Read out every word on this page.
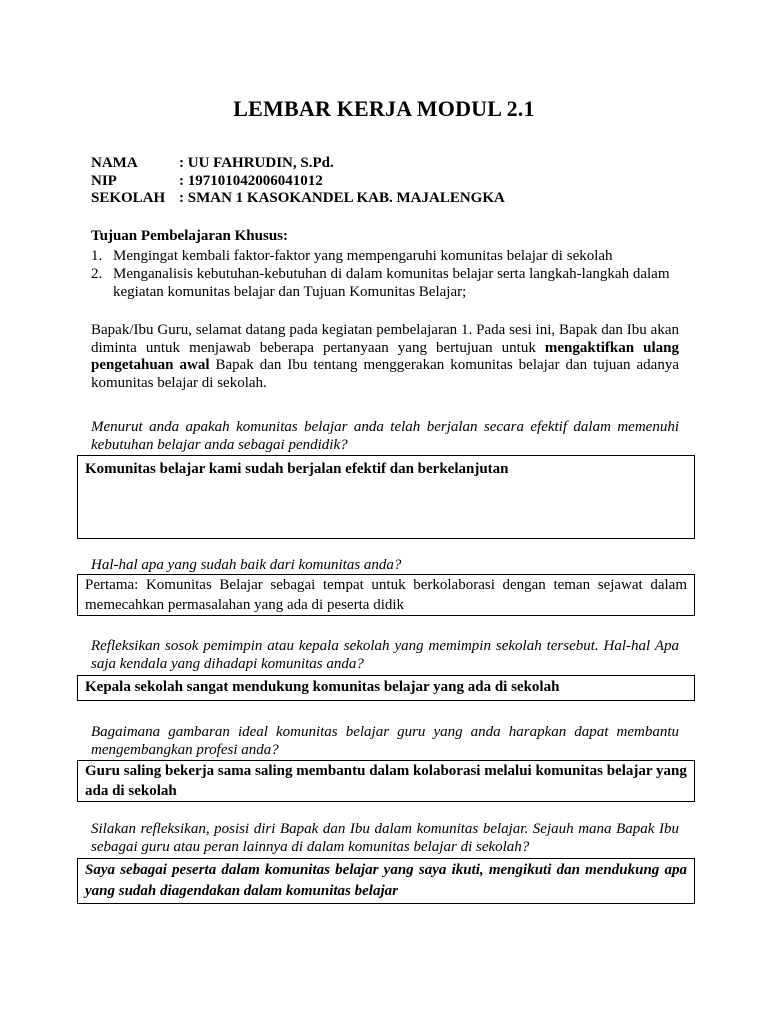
LEMBAR KERJA MODUL 2.1
NAMA	: UU FAHRUDIN, S.Pd.
NIP	: 197101042006041012
SEKOLAH : SMAN 1 KASOKANDEL KAB. MAJALENGKA
Tujuan Pembelajaran Khusus:
1. Mengingat kembali faktor-faktor yang mempengaruhi komunitas belajar di sekolah
2. Menganalisis kebutuhan-kebutuhan di dalam komunitas belajar serta langkah-langkah dalam kegiatan komunitas belajar dan Tujuan Komunitas Belajar;
Bapak/Ibu Guru, selamat datang pada kegiatan pembelajaran 1. Pada sesi ini, Bapak dan Ibu akan diminta untuk menjawab beberapa pertanyaan yang bertujuan untuk mengaktifkan ulang pengetahuan awal Bapak dan Ibu tentang menggerakan komunitas belajar dan tujuan adanya komunitas belajar di sekolah.
Menurut anda apakah komunitas belajar anda telah berjalan secara efektif dalam memenuhi kebutuhan belajar anda sebagai pendidik?
Komunitas belajar kami sudah berjalan efektif dan berkelanjutan
Hal-hal apa yang sudah baik dari komunitas anda?
Pertama: Komunitas Belajar sebagai tempat untuk berkolaborasi dengan teman sejawat dalam memecahkan permasalahan yang ada di peserta didik
Refleksikan sosok pemimpin atau kepala sekolah yang memimpin sekolah tersebut. Hal-hal Apa saja kendala yang dihadapi komunitas anda?
Kepala sekolah sangat mendukung komunitas belajar yang ada di sekolah
Bagaimana gambaran ideal komunitas belajar guru yang anda harapkan dapat membantu mengembangkan profesi anda?
Guru saling bekerja sama saling membantu dalam kolaborasi melalui komunitas belajar yang ada di sekolah
Silakan refleksikan, posisi diri Bapak dan Ibu dalam komunitas belajar. Sejauh mana Bapak Ibu sebagai guru atau peran lainnya di dalam komunitas belajar di sekolah?
Saya sebagai peserta dalam komunitas belajar yang saya ikuti, mengikuti dan mendukung apa yang sudah diagendakan dalam komunitas belajar
